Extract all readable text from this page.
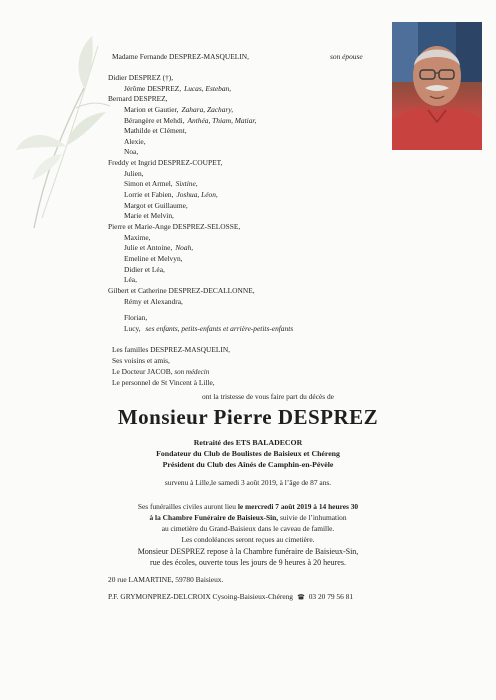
Madame Fernande DESPREZ-MASQUELIN,	son épouse
Didier DESPREZ (†),
Jérôme DESPREZ, Lucas, Esteban,
Bernard DESPREZ,
Marion et Gautier, Zahara, Zachary,
Bérangère et Mehdi, Anthéa, Thiam, Matiar,
Mathilde et Clément,
Alexie,
Noa,
Freddy et Ingrid DESPREZ-COUPET,
Julien,
Simon et Armel, Sixtine,
Lorrie et Fabien, Joshua, Léon,
Margot et Guillaume,
Marie et Melvin,
Pierre et Marie-Ange DESPREZ-SELOSSE,
Maxime,
Julie et Antoine, Noah,
Emeline et Melvyn,
Didier et Léa,
Léa,
Gilbert et Catherine DESPREZ-DECALLONNE,
Rémy et Alexandra,
Florian,
Lucy, ses enfants, petits-enfants et arrière-petits-enfants
Les familles DESPREZ-MASQUELIN,
Ses voisins et amis,
Le Docteur JACOB, son médecin
Le personnel de St Vincent à Lille,
ont la tristesse de vous faire part du décès de
Monsieur Pierre DESPREZ
Retraité des ETS BALADECOR
Fondateur du Club de Boulistes de Baisieux et Chéreng
Président du Club des Aînés de Camphin-en-Pévèle
survenu à Lille,le samedi 3 août 2019, à l’âge de 87 ans.
Ses funérailles civiles auront lieu le mercredi 7 août 2019 à 14 heures 30
à la Chambre Funéraire de Baisieux-Sin, suivie de l’inhumation
au cimetière du Grand-Baisieux dans le caveau de famille.
Les condoléances seront reçues au cimetière.
Monsieur DESPREZ repose à la Chambre funéraire de Baisieux-Sin,
rue des écoles, ouverte tous les jours de 9 heures à 20 heures.
20 rue LAMARTINE, 59780 Baisieux.
P.F. GRYMONPREZ-DELCROIX Cysoing-Baisieux-Chéreng 03 20 79 56 81
